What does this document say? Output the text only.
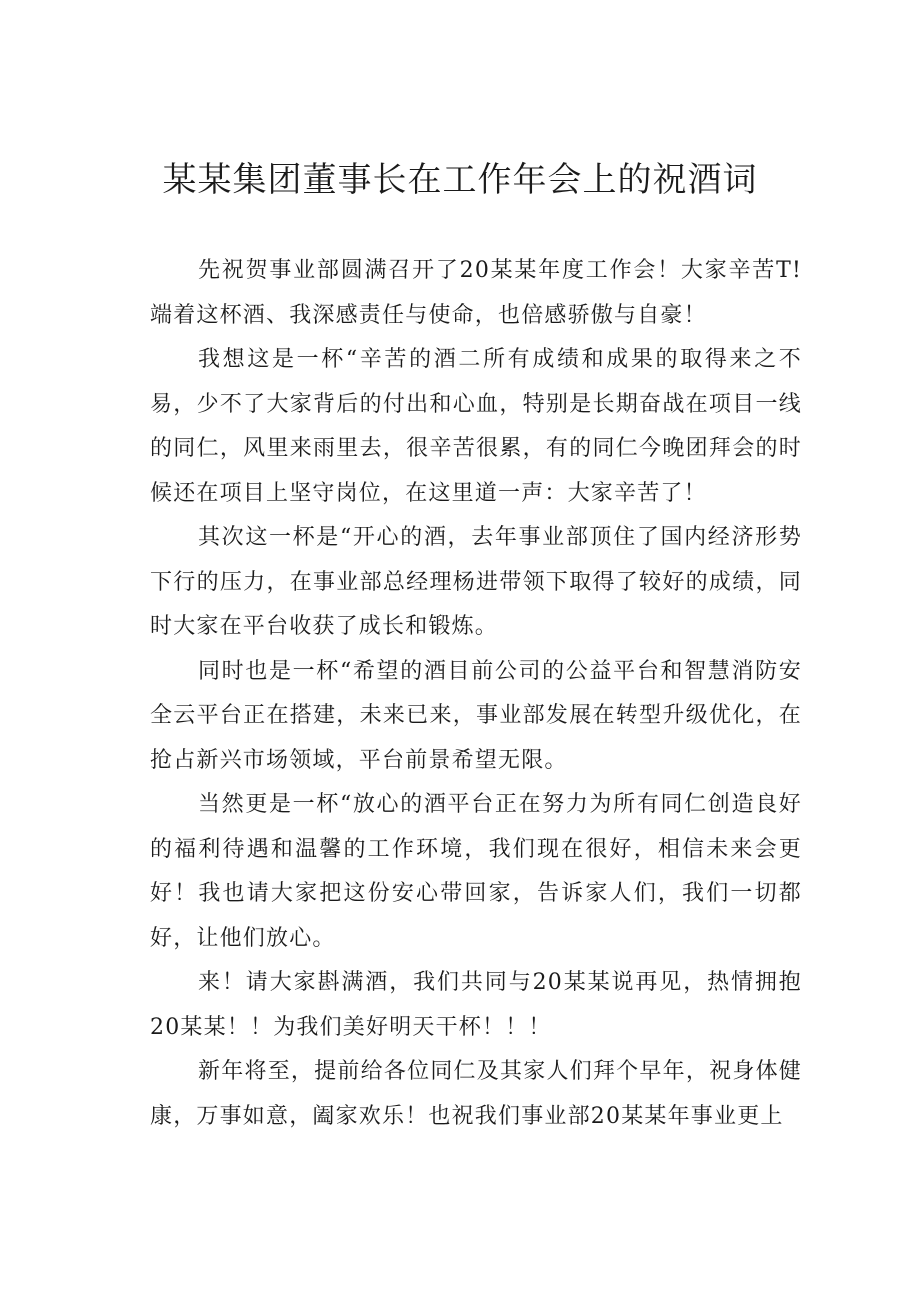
某某集团董事长在工作年会上的祝酒词

先祝贺事业部圆满召开了20某某年度工作会！大家辛苦T!端着这杯酒、我深感责任与使命，也倍感骄傲与自豪！

我想这是一杯“辛苦的酒二所有成绩和成果的取得来之不易，少不了大家背后的付出和心血，特别是长期奋战在项目一线的同仁，风里来雨里去，很辛苦很累，有的同仁今晚团拜会的时候还在项目上坚守岗位，在这里道一声：大家辛苦了！

其次这一杯是“开心的酒，去年事业部顶住了国内经济形势下行的压力，在事业部总经理杨进带领下取得了较好的成绩，同时大家在平台收获了成长和锻炼。

同时也是一杯“希望的酒目前公司的公益平台和智慧消防安全云平台正在搭建，未来已来，事业部发展在转型升级优化，在抢占新兴市场领域，平台前景希望无限。

当然更是一杯“放心的酒平台正在努力为所有同仁创造良好的福利待遇和温馨的工作环境，我们现在很好，相信未来会更好！我也请大家把这份安心带回家，告诉家人们，我们一切都好，让他们放心。

来！请大家斟满酒，我们共同与20某某说再见，热情拥抱20某某！！为我们美好明天干杯！！！

新年将至，提前给各位同仁及其家人们拜个早年，祝身体健康，万事如意，阖家欢乐！也祝我们事业部20某某年事业更上
